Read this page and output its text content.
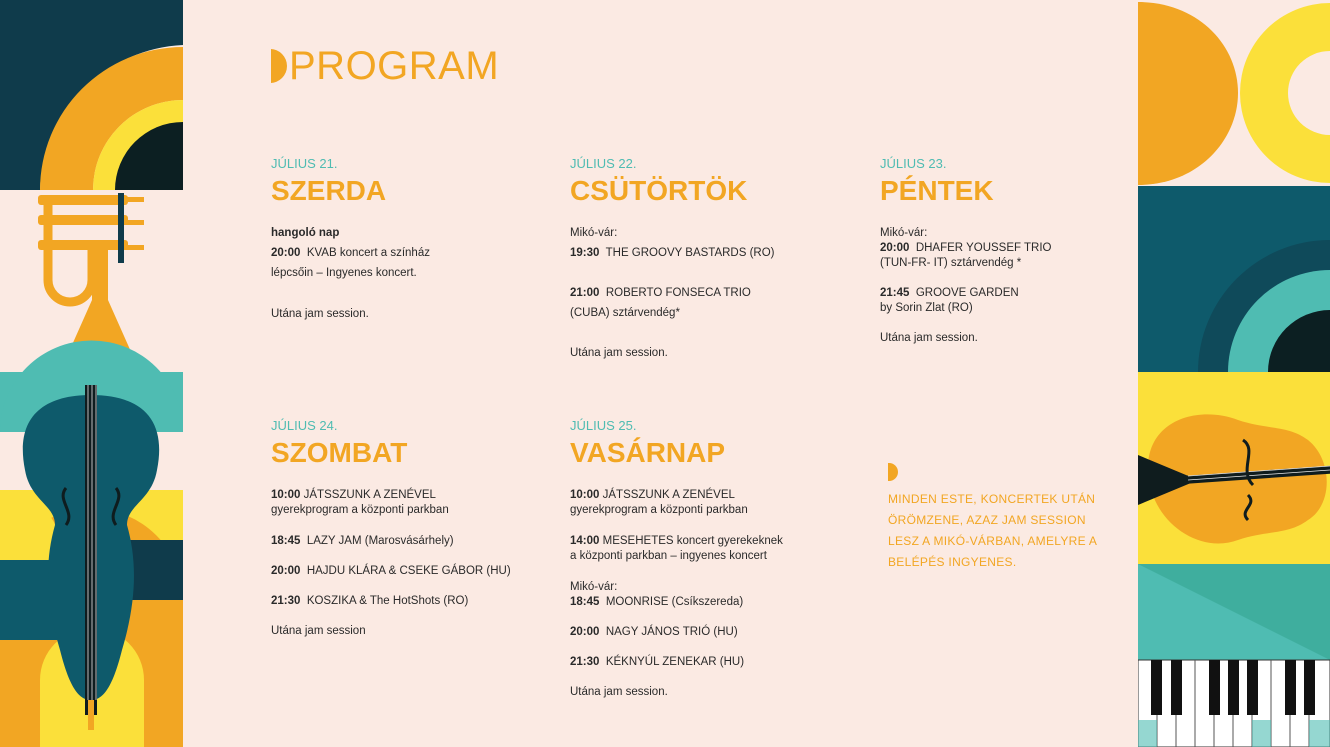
PROGRAM
JÚLIUS 21.
SZERDA
hangoló nap
20:00 KVAB koncert a színház
lépcsőin – Ingyenes koncert.
Utána jam session.
JÚLIUS 22.
CSÜTÖRTÖK
Mikó-vár:
19:30 THE GROOVY BASTARDS (RO)
21:00 ROBERTO FONSECA TRIO
(CUBA) sztárvendég*
Utána jam session.
JÚLIUS 23.
PÉNTEK
Mikó-vár:
20:00 DHAFER YOUSSEF TRIO
(TUN-FR- IT) sztárvendég *
21:45 GROOVE GARDEN
by Sorin Zlat (RO)
Utána jam session.
JÚLIUS 24.
SZOMBAT
10:00 JÁTSSZUNK A ZENÉVEL
gyerekprogram a központi parkban
18:45 LAZY JAM (Marosvásárhely)
20:00 HAJDU KLÁRA & CSEKE GÁBOR (HU)
21:30 KOSZIKA & The HotShots (RO)
Utána jam session
JÚLIUS 25.
VASÁRNAP
10:00 JÁTSSZUNK A ZENÉVEL
gyerekprogram a központi parkban
14:00 MESEHETES koncert gyerekeknek
a központi parkban – ingyenes koncert
Mikó-vár:
18:45 MOONRISE (Csíkszereda)
20:00 NAGY JÁNOS TRIÓ (HU)
21:30 KÉKNYÚL ZENEKAR (HU)
Utána jam session.
MINDEN ESTE, KONCERTEK UTÁN ÖRÖMZENE, AZAZ JAM SESSION LESZ A MIKÓ-VÁRBAN, AMELYRE A BELÉPÉS INGYENES.
